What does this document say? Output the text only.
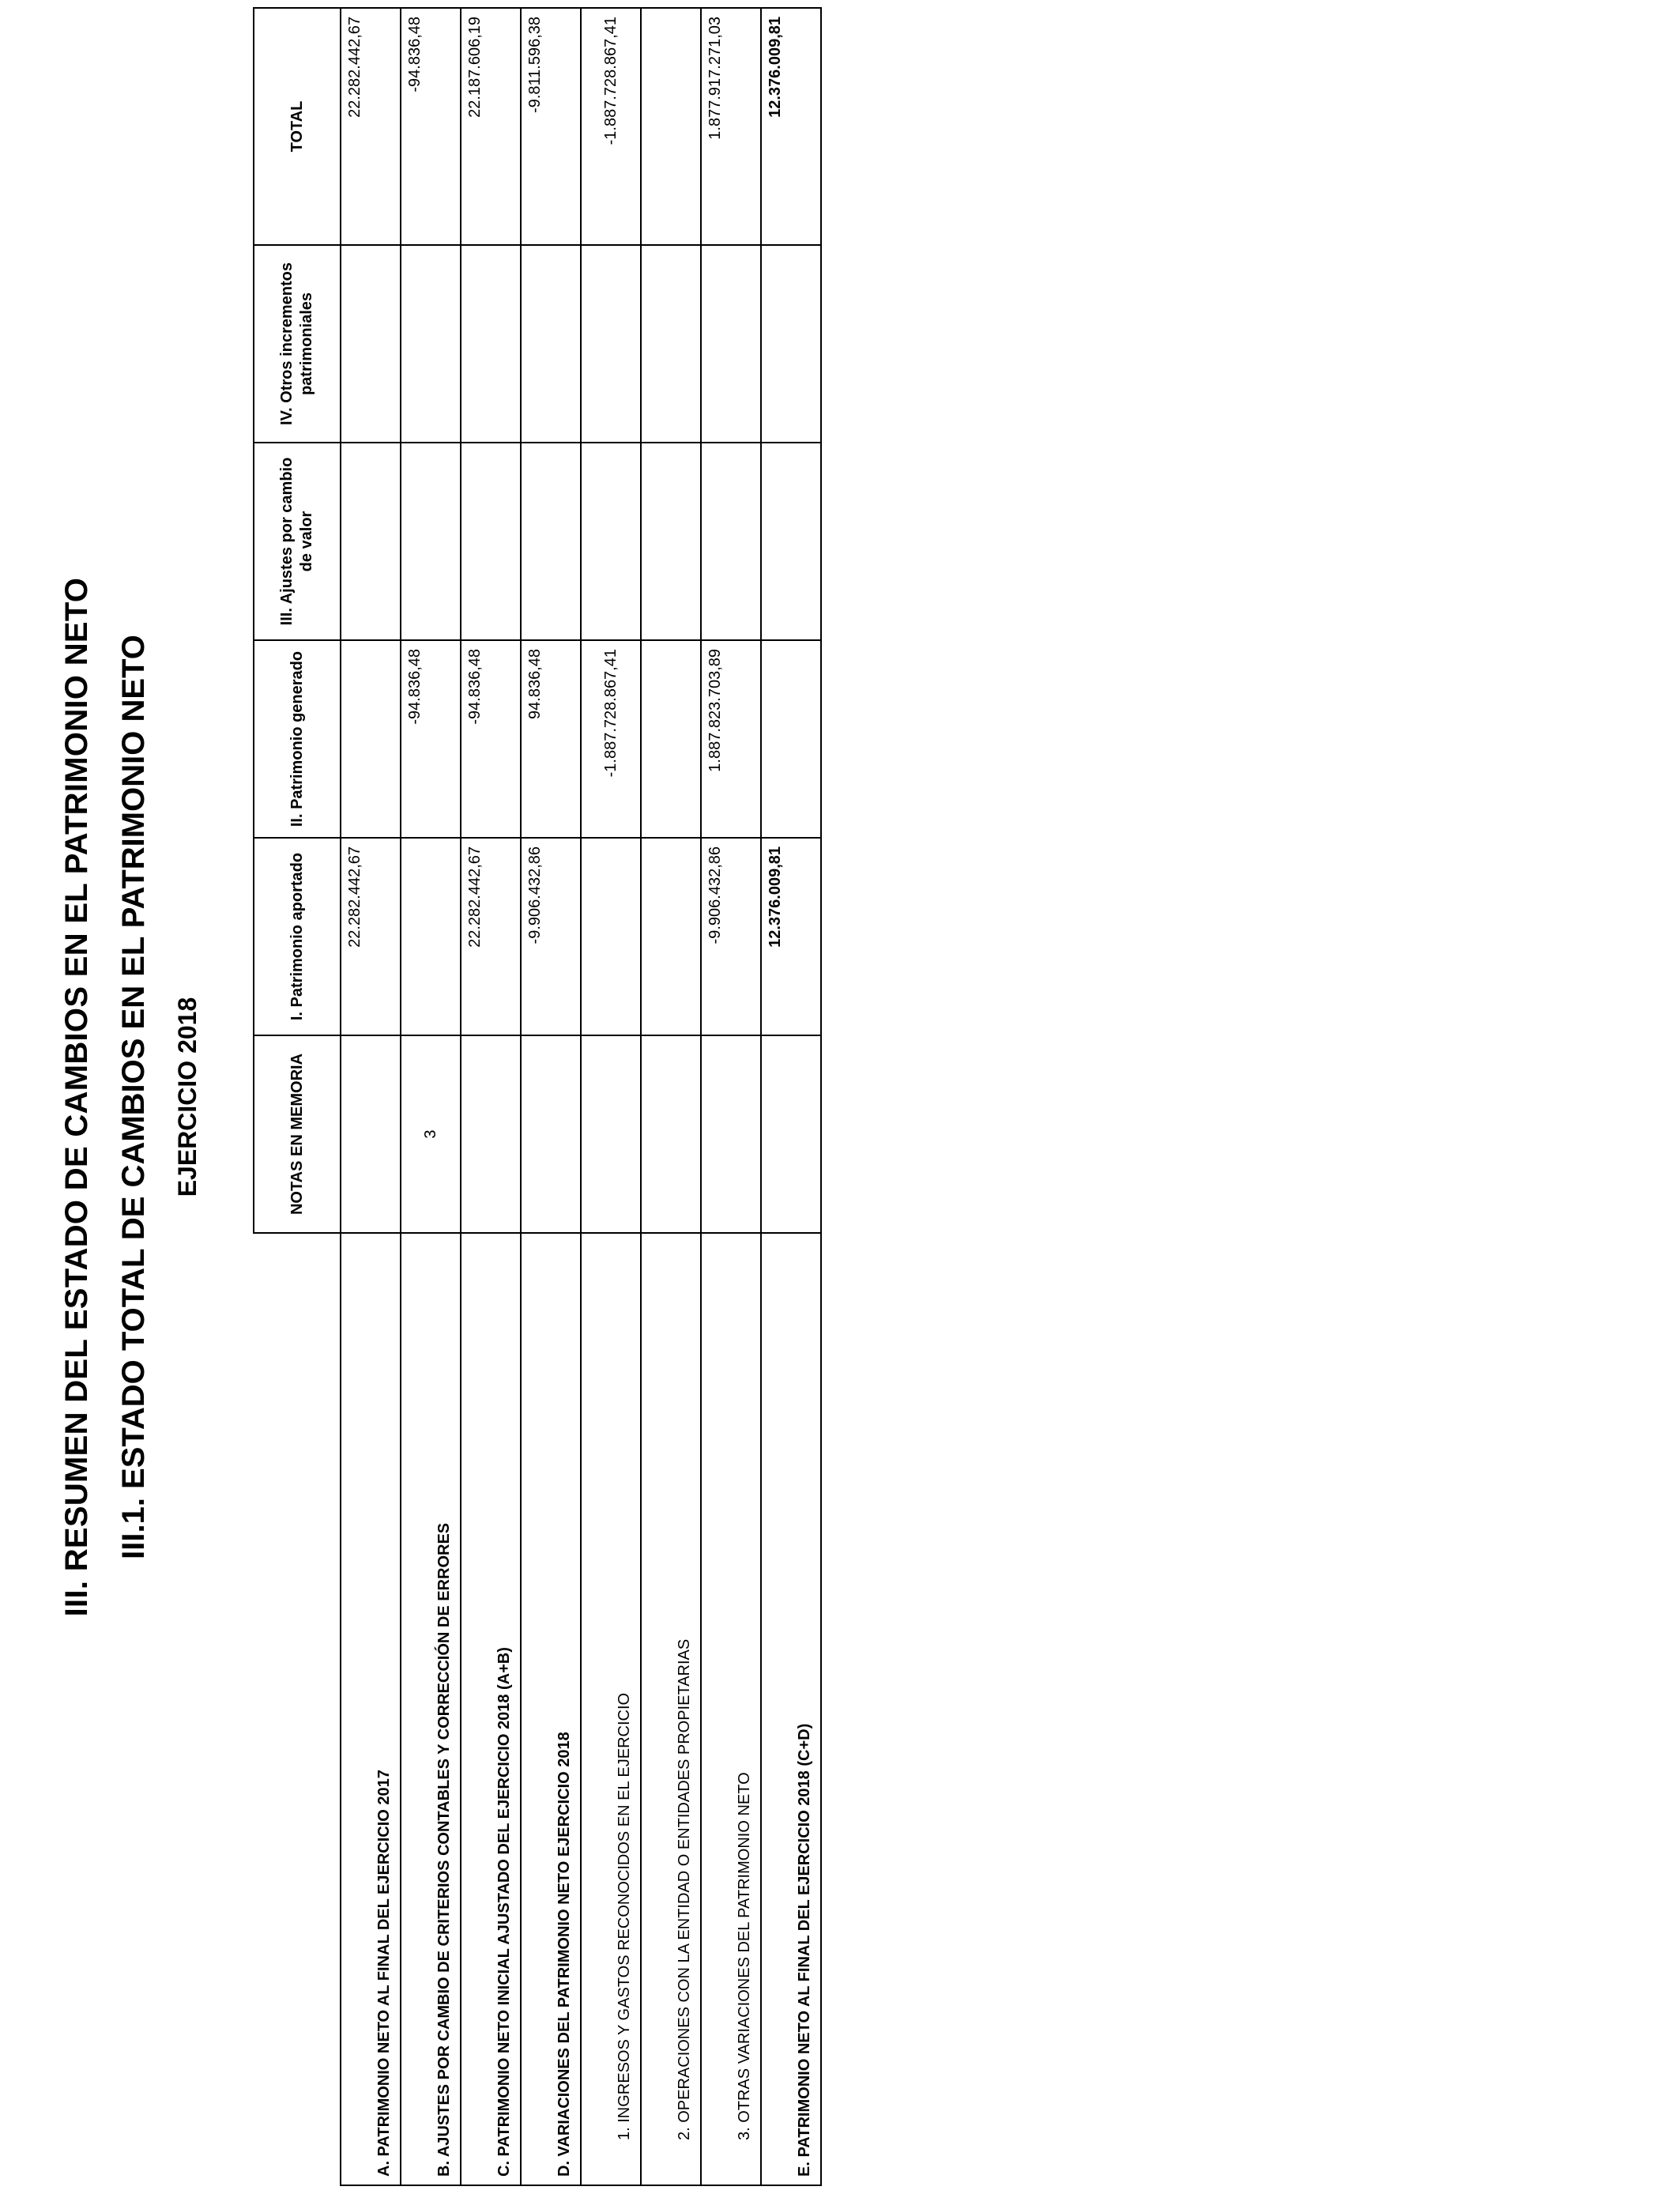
III. RESUMEN DEL ESTADO DE CAMBIOS EN EL PATRIMONIO NETO III.1. ESTADO TOTAL DE CAMBIOS EN EL PATRIMONIO NETO EJERCICIO 2018
		NOTAS EN MEMORIA	I. Patrimonio aportado	II. Patrimonio generado	III. Ajustes por cambio de valor	IV. Otros incrementos patrimoniales	TOTAL
A. PATRIMONIO NETO AL FINAL DEL EJERCICIO 2017		22.282.442,67				22.282.442,67
B. AJUSTES POR CAMBIO DE CRITERIOS CONTABLES Y CORRECCIÓN DE ERRORES	3		-94.836,48			-94.836,48
C. PATRIMONIO NETO INICIAL AJUSTADO DEL EJERCICIO 2018 (A+B)		22.282.442,67	-94.836,48			22.187.606,19
D. VARIACIONES DEL PATRIMONIO NETO EJERCICIO 2018		-9.906.432,86	94.836,48			-9.811.596,38
1. INGRESOS Y GASTOS RECONOCIDOS EN EL EJERCICIO			-1.887.728.867,41			-1.887.728.867,41
2. OPERACIONES CON LA ENTIDAD O ENTIDADES PROPIETARIAS						
3. OTRAS VARIACIONES DEL PATRIMONIO NETO		-9.906.432,86	1.887.823.703,89			1.877.917.271,03
E. PATRIMONIO NETO AL FINAL DEL EJERCICIO 2018 (C+D)		12.376.009,81				12.376.009,81
